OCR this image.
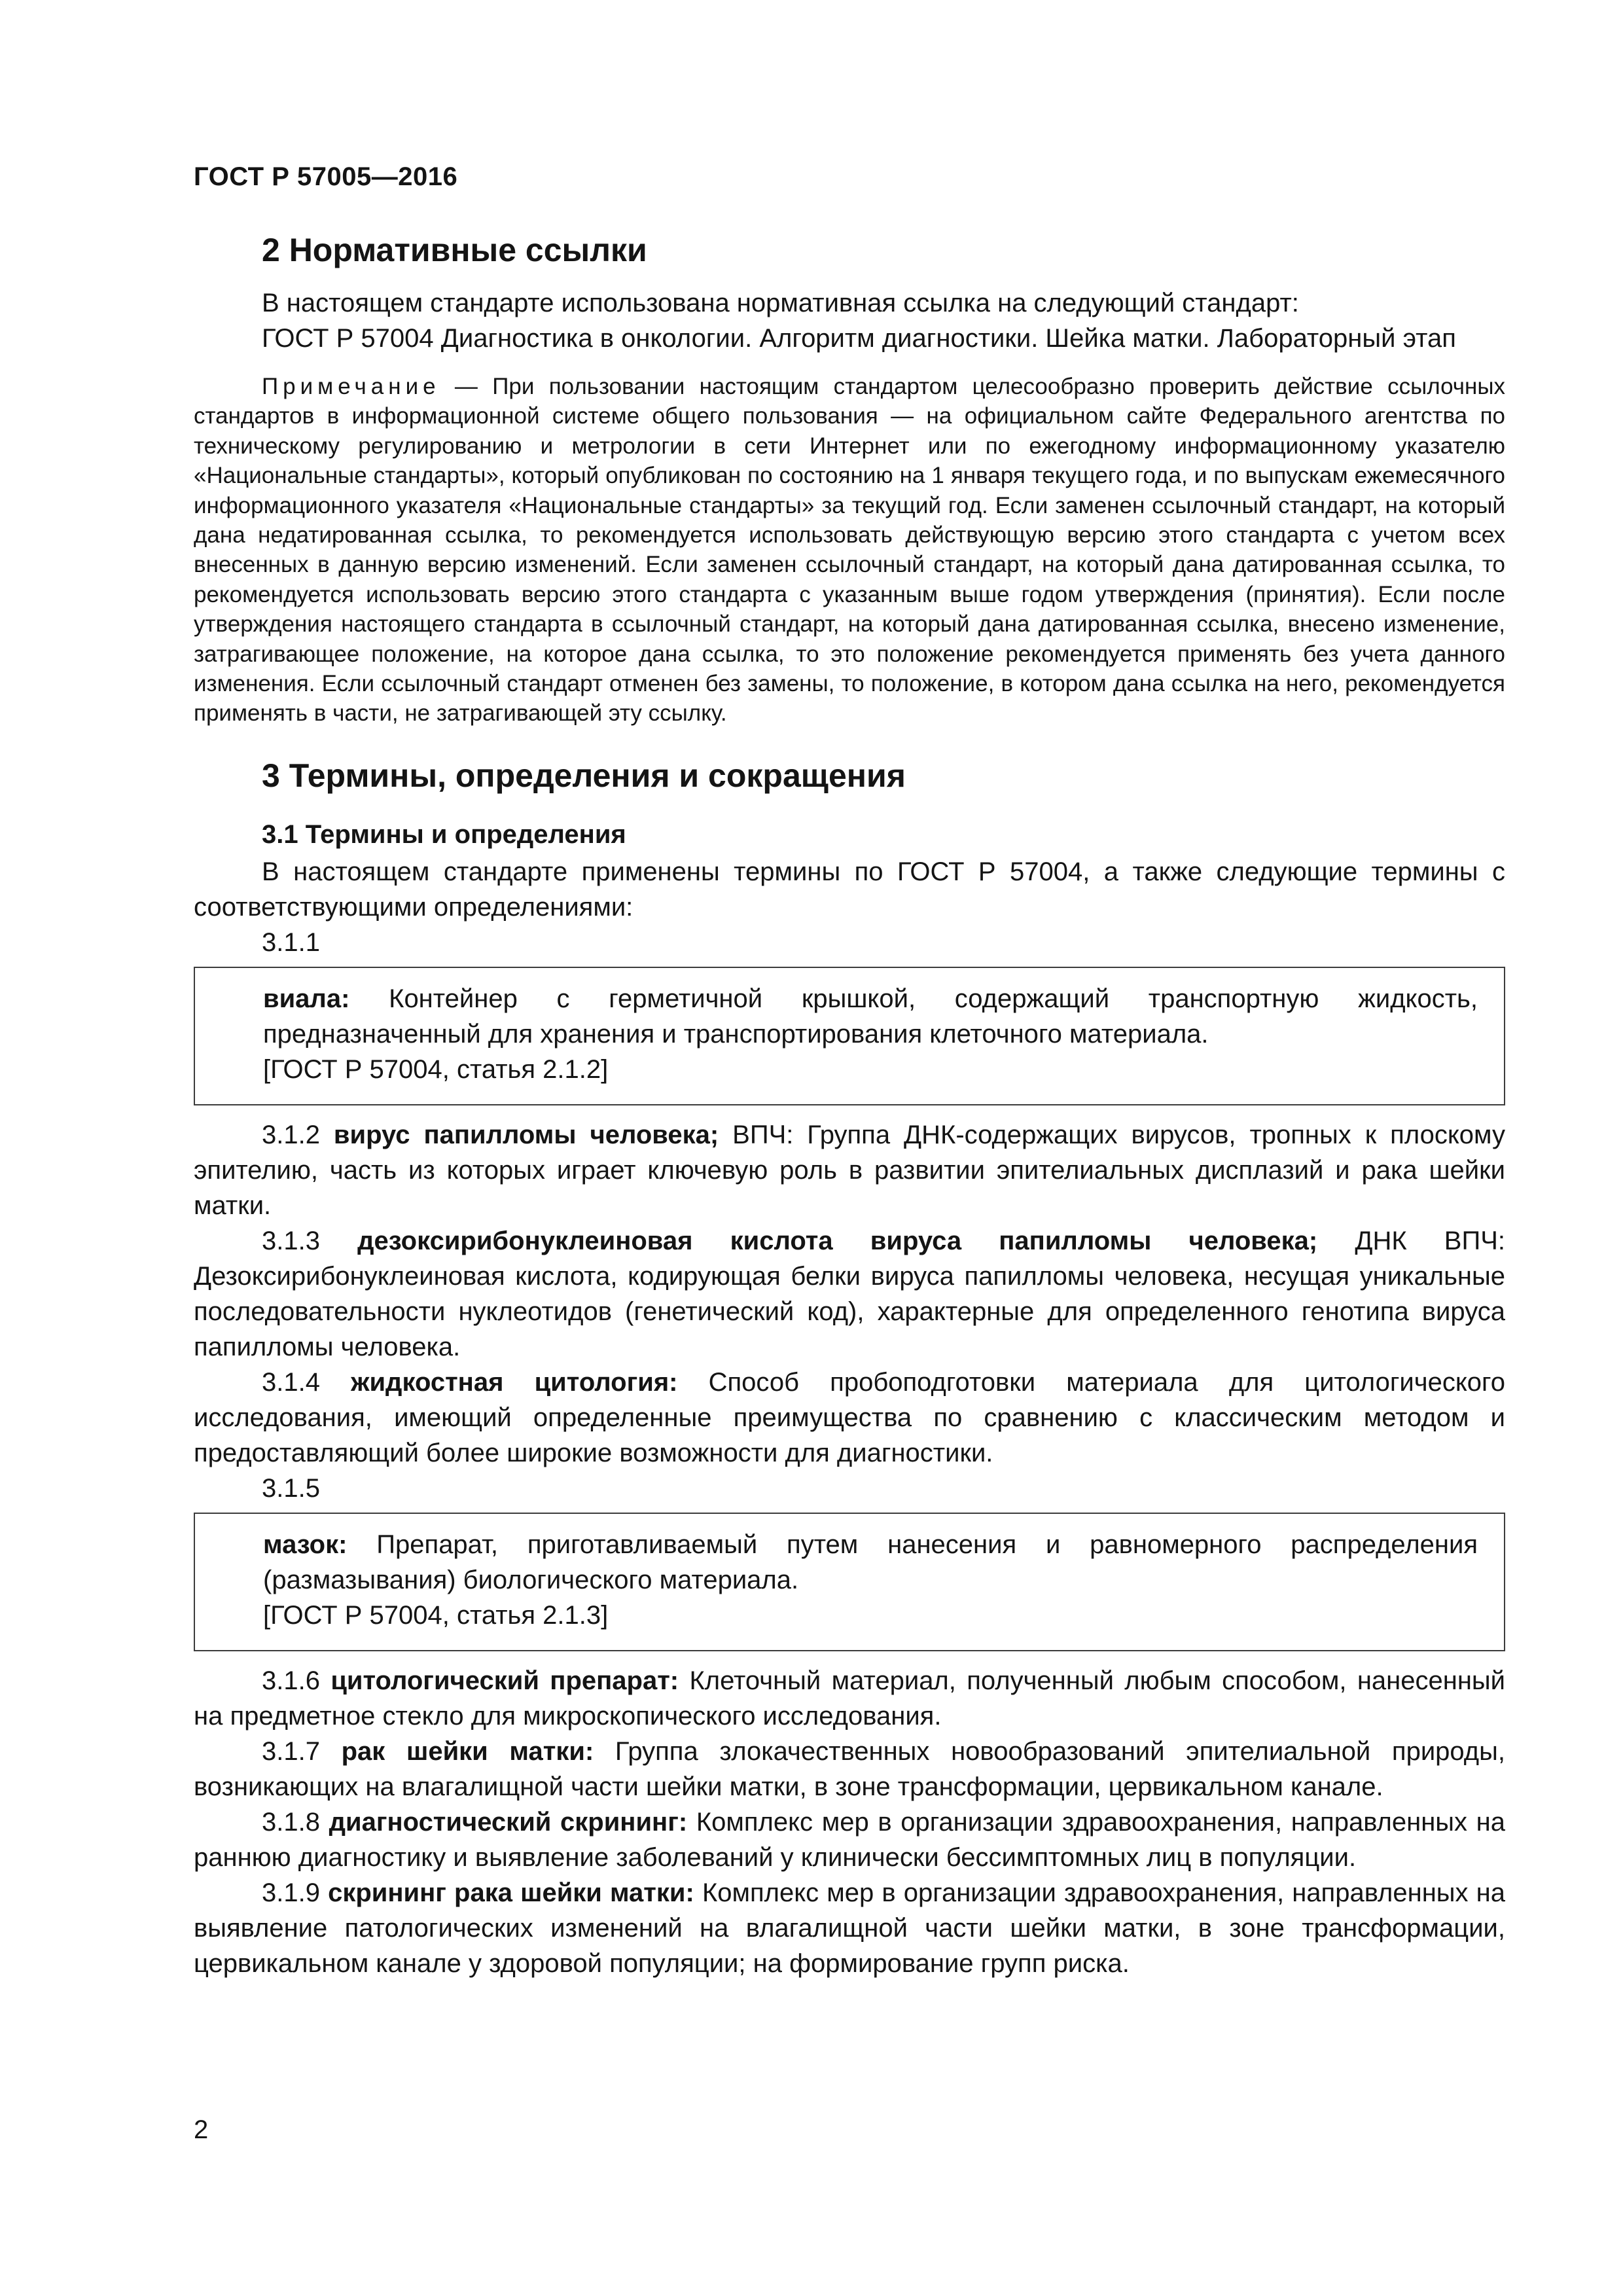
ГОСТ Р 57005—2016
2 Нормативные ссылки

В настоящем стандарте использована нормативная ссылка на следующий стандарт:

ГОСТ Р 57004 Диагностика в онкологии. Алгоритм диагностики. Шейка матки. Лабораторный этап

Примечание — При пользовании настоящим стандартом целесообразно проверить действие ссылочных стандартов в информационной системе общего пользования — на официальном сайте Федерального агентства по техническому регулированию и метрологии в сети Интернет или по ежегодному информационному указателю «Национальные стандарты», который опубликован по состоянию на 1 января текущего года, и по выпускам ежемесячного информационного указателя «Национальные стандарты» за текущий год. Если заменен ссылочный стандарт, на который дана недатированная ссылка, то рекомендуется использовать действующую версию этого стандарта с учетом всех внесенных в данную версию изменений. Если заменен ссылочный стандарт, на который дана датированная ссылка, то рекомендуется использовать версию этого стандарта с указанным выше годом утверждения (принятия). Если после утверждения настоящего стандарта в ссылочный стандарт, на который дана датированная ссылка, внесено изменение, затрагивающее положение, на которое дана ссылка, то это положение рекомендуется применять без учета данного изменения. Если ссылочный стандарт отменен без замены, то положение, в котором дана ссылка на него, рекомендуется применять в части, не затрагивающей эту ссылку.

3 Термины, определения и сокращения
3.1 Термины и определения

В настоящем стандарте применены термины по ГОСТ Р 57004, а также следующие термины с соответствующими определениями:

3.1.1

виала: Контейнер с герметичной крышкой, содержащий транспортную жидкость, предназначенный для хранения и транспортирования клеточного материала.

[ГОСТ Р 57004, статья 2.1.2]

3.1.2 вирус папилломы человека; ВПЧ: Группа ДНК-содержащих вирусов, тропных к плоскому эпителию, часть из которых играет ключевую роль в развитии эпителиальных дисплазий и рака шейки матки.

3.1.3 дезоксирибонуклеиновая кислота вируса папилломы человека; ДНК ВПЧ: Дезоксирибонуклеиновая кислота, кодирующая белки вируса папилломы человека, несущая уникальные последовательности нуклеотидов (генетический код), характерные для определенного генотипа вируса папилломы человека.

3.1.4 жидкостная цитология: Способ пробоподготовки материала для цитологического исследования, имеющий определенные преимущества по сравнению с классическим методом и предоставляющий более широкие возможности для диагностики.

3.1.5

мазок: Препарат, приготавливаемый путем нанесения и равномерного распределения (размазывания) биологического материала.

[ГОСТ Р 57004, статья 2.1.3]

3.1.6 цитологический препарат: Клеточный материал, полученный любым способом, нанесенный на предметное стекло для микроскопического исследования.

3.1.7 рак шейки матки: Группа злокачественных новообразований эпителиальной природы, возникающих на влагалищной части шейки матки, в зоне трансформации, цервикальном канале.

3.1.8 диагностический скрининг: Комплекс мер в организации здравоохранения, направленных на раннюю диагностику и выявление заболеваний у клинически бессимптомных лиц в популяции.

3.1.9 скрининг рака шейки матки: Комплекс мер в организации здравоохранения, направленных на выявление патологических изменений на влагалищной части шейки матки, в зоне трансформации, цервикальном канале у здоровой популяции; на формирование групп риска.

2
